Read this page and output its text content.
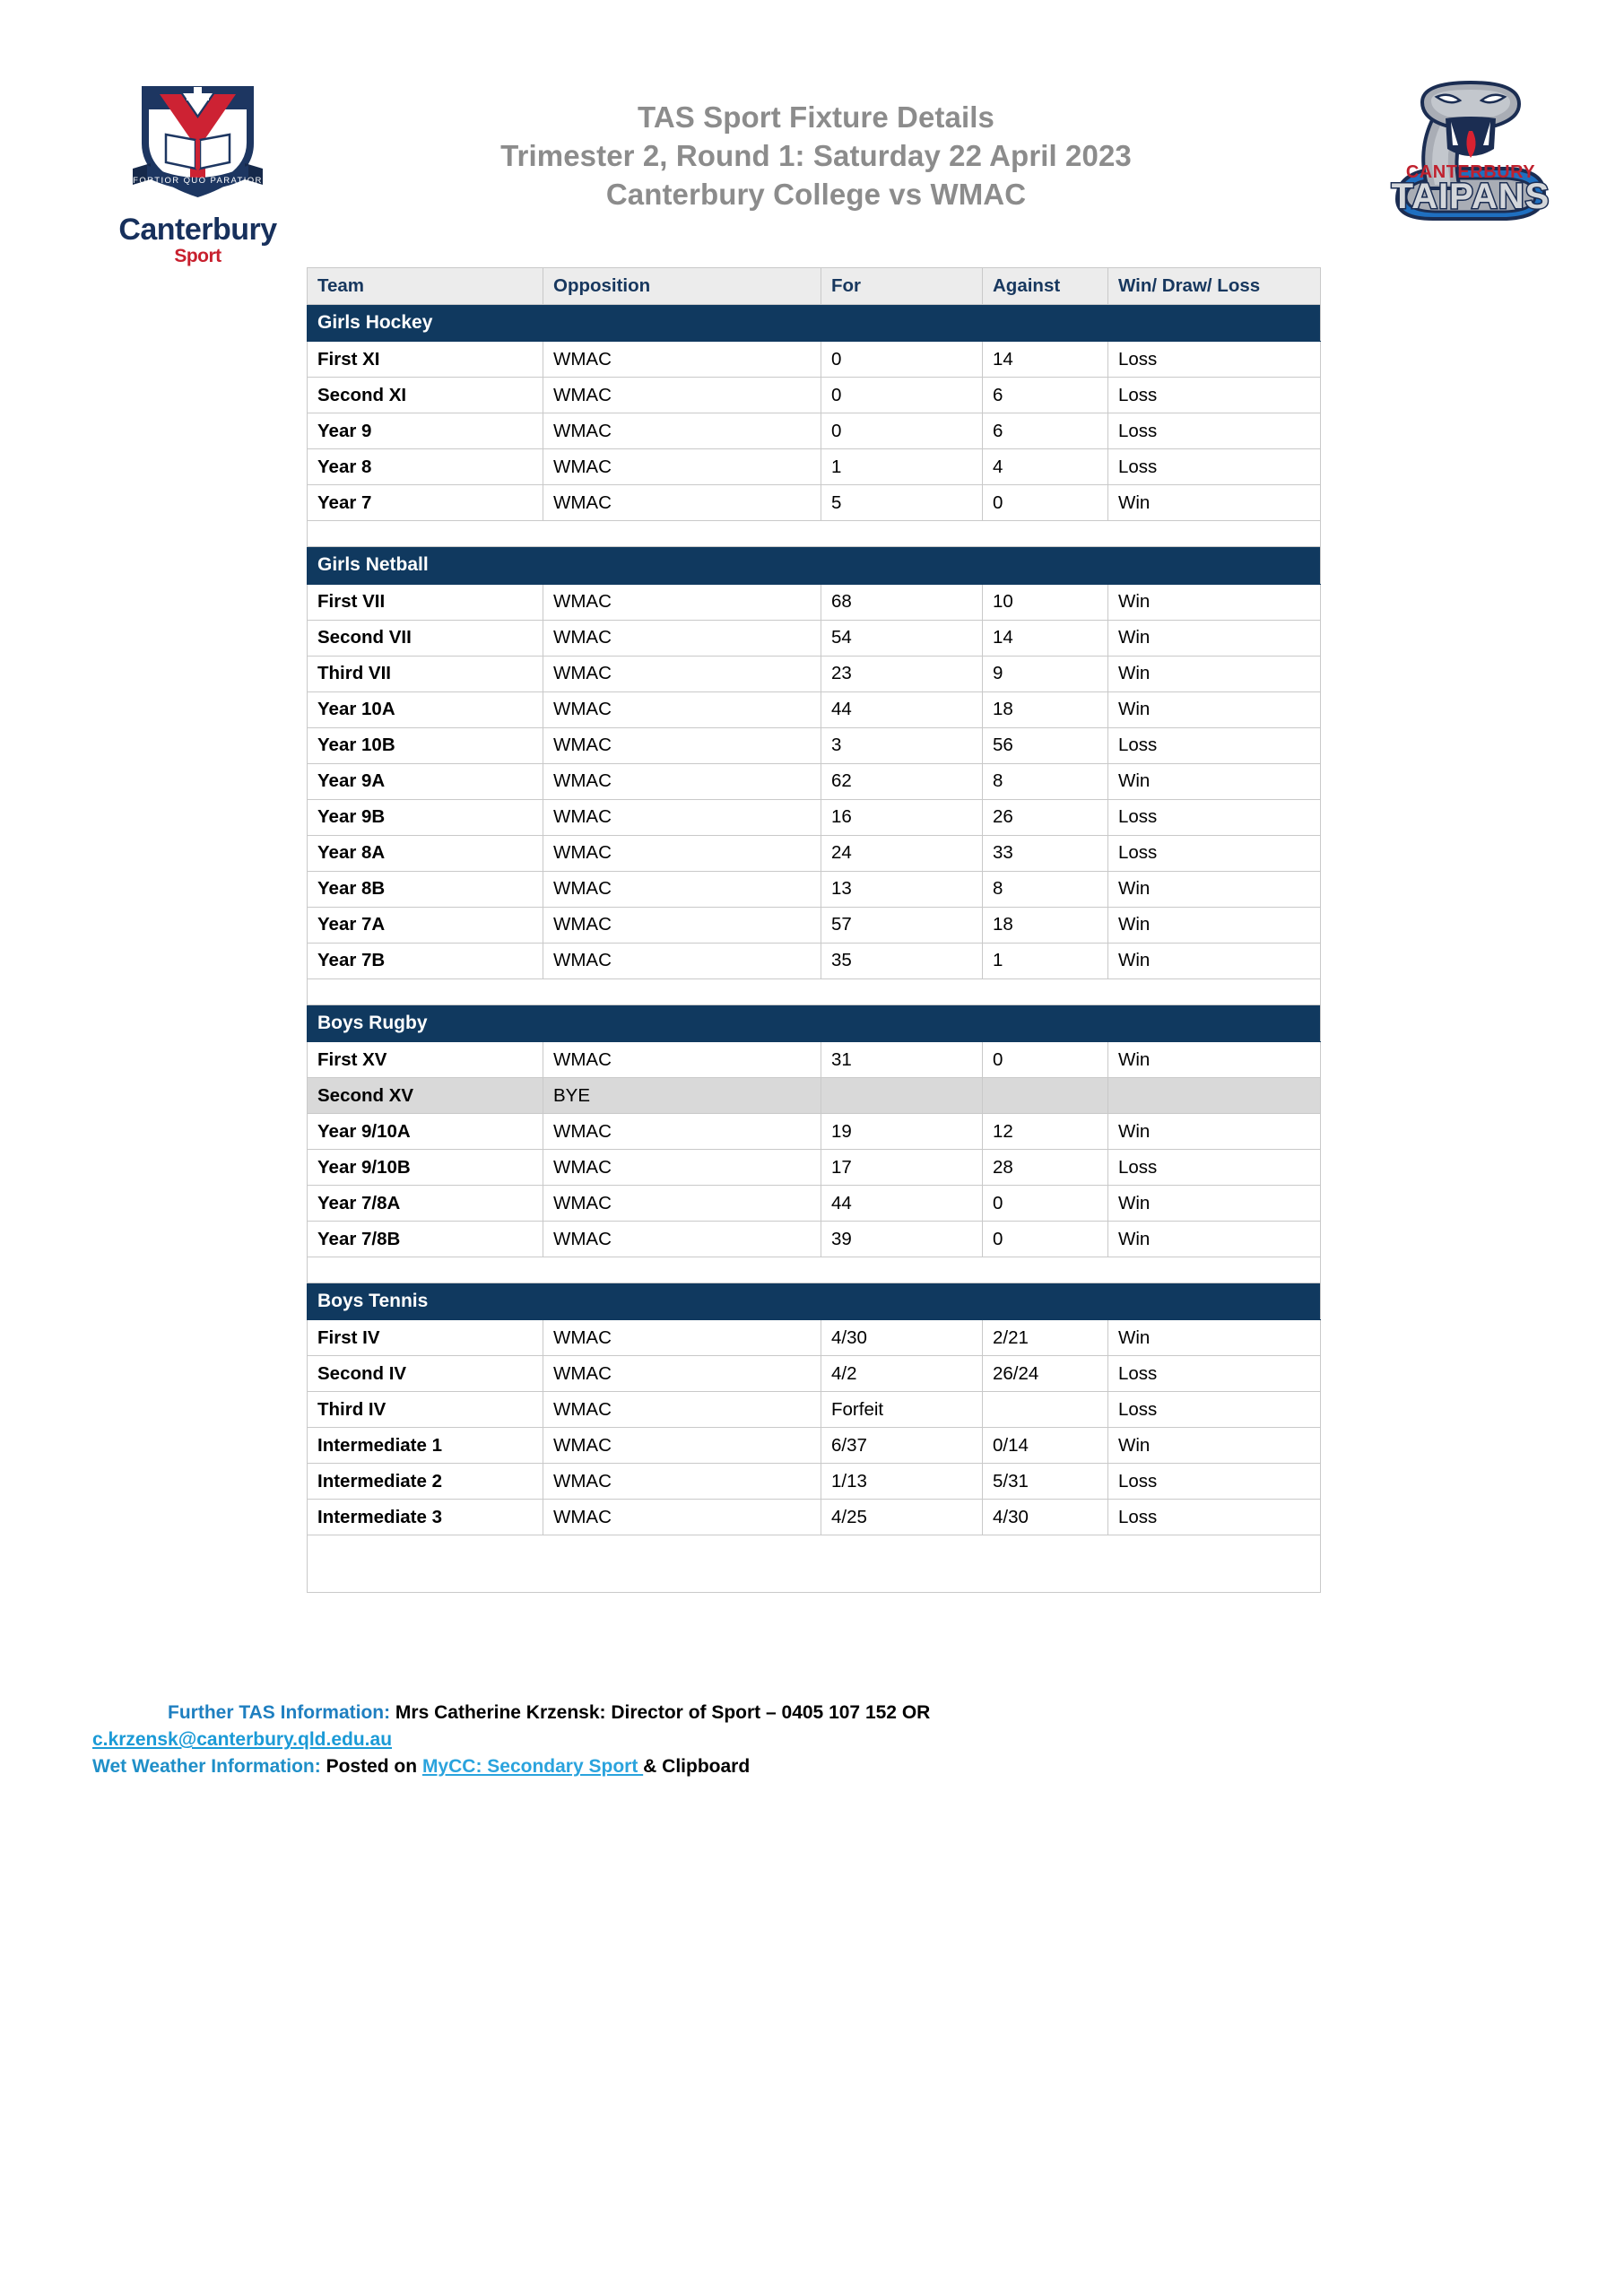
FORTIOR QUO PARATIOR
Canterbury
Sport
CANTERBURY
TAIPANS
TAS Sport Fixture Details
Trimester 2, Round 1: Saturday 22 April 2023
Canterbury College vs WMAC
Team	Opposition	For	Against	Win/ Draw/ Loss
Girls Hockey				
First XI	WMAC	0	14	Loss
Second XI	WMAC	0	6	Loss
Year 9	WMAC	0	6	Loss
Year 8	WMAC	1	4	Loss
Year 7	WMAC	5	0	Win

Girls Netball				
First VII	WMAC	68	10	Win
Second VII	WMAC	54	14	Win
Third VII	WMAC	23	9	Win
Year 10A	WMAC	44	18	Win
Year 10B	WMAC	3	56	Loss
Year 9A	WMAC	62	8	Win
Year 9B	WMAC	16	26	Loss
Year 8A	WMAC	24	33	Loss
Year 8B	WMAC	13	8	Win
Year 7A	WMAC	57	18	Win
Year 7B	WMAC	35	1	Win

Boys Rugby				
First XV	WMAC	31	0	Win
Second XV	BYE			
Year 9/10A	WMAC	19	12	Win
Year 9/10B	WMAC	17	28	Loss
Year 7/8A	WMAC	44	0	Win
Year 7/8B	WMAC	39	0	Win

Boys Tennis				
First IV	WMAC	4/30	2/21	Win
Second IV	WMAC	4/2	26/24	Loss
Third IV	WMAC	Forfeit		Loss
Intermediate 1	WMAC	6/37	0/14	Win
Intermediate 2	WMAC	1/13	5/31	Loss
Intermediate 3	WMAC	4/25	4/30	Loss

Further TAS Information: Mrs Catherine Krzensk: Director of Sport – 0405 107 152 OR
c.krzensk@canterbury.qld.edu.au
Wet Weather Information: Posted on MyCC: Secondary Sport & Clipboard
